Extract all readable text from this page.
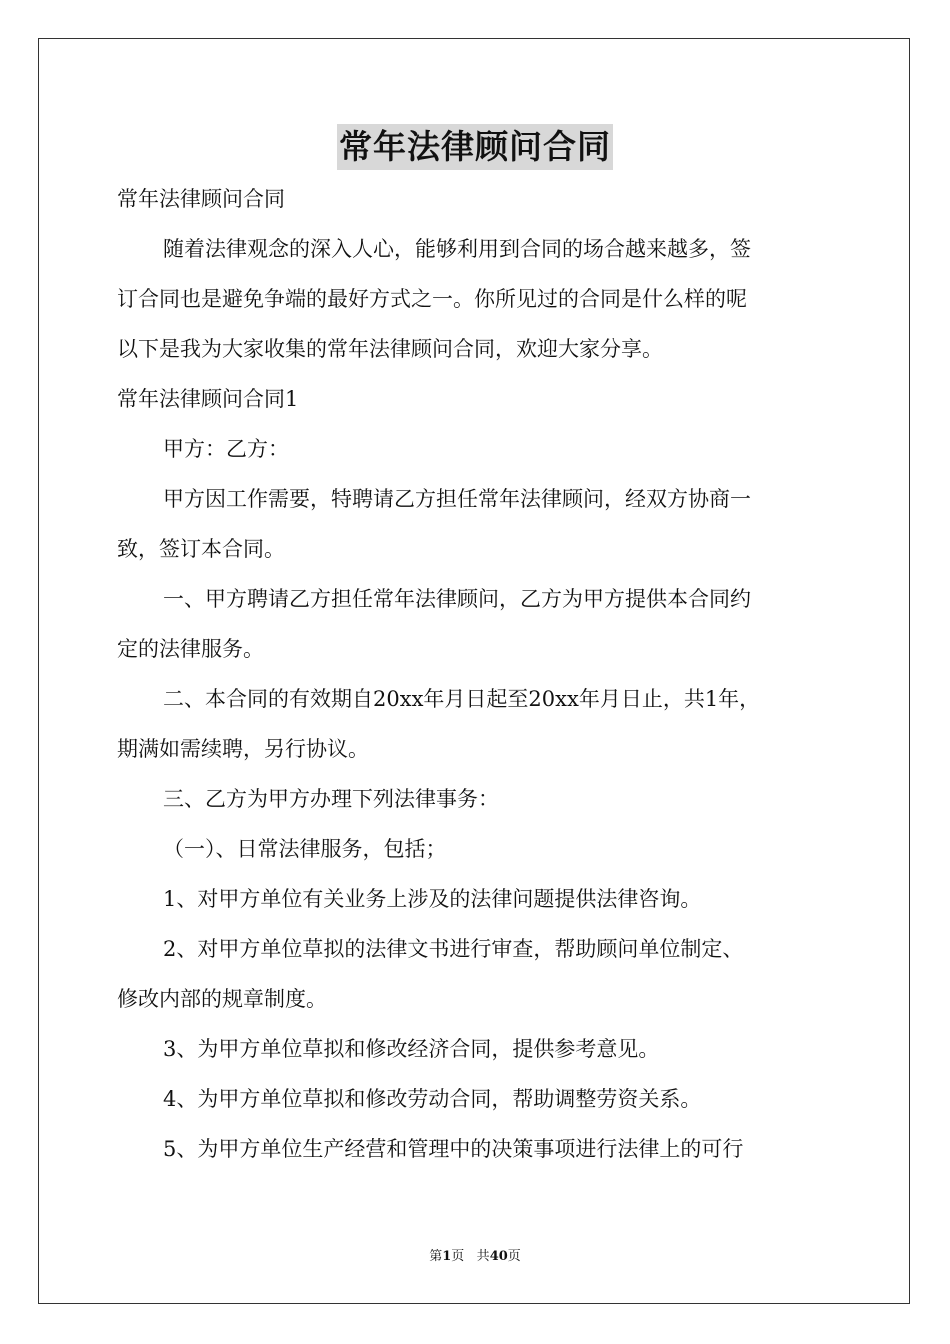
常年法律顾问合同
常年法律顾问合同
随着法律观念的深入人心，能够利用到合同的场合越来越多，签
订合同也是避免争端的最好方式之一。你所见过的合同是什么样的呢
以下是我为大家收集的常年法律顾问合同，欢迎大家分享。
常年法律顾问合同1
甲方：乙方：
甲方因工作需要，特聘请乙方担任常年法律顾问，经双方协商一
致，签订本合同。
一、甲方聘请乙方担任常年法律顾问，乙方为甲方提供本合同约
定的法律服务。
二、本合同的有效期自20xx年月日起至20xx年月日止，共1年，
期满如需续聘，另行协议。
三、乙方为甲方办理下列法律事务：
（一）、日常法律服务，包括；
1、对甲方单位有关业务上涉及的法律问题提供法律咨询。
2、对甲方单位草拟的法律文书进行审查，帮助顾问单位制定、
修改内部的规章制度。
3、为甲方单位草拟和修改经济合同，提供参考意见。
4、为甲方单位草拟和修改劳动合同，帮助调整劳资关系。
5、为甲方单位生产经营和管理中的决策事项进行法律上的可行
第1页 共40页
